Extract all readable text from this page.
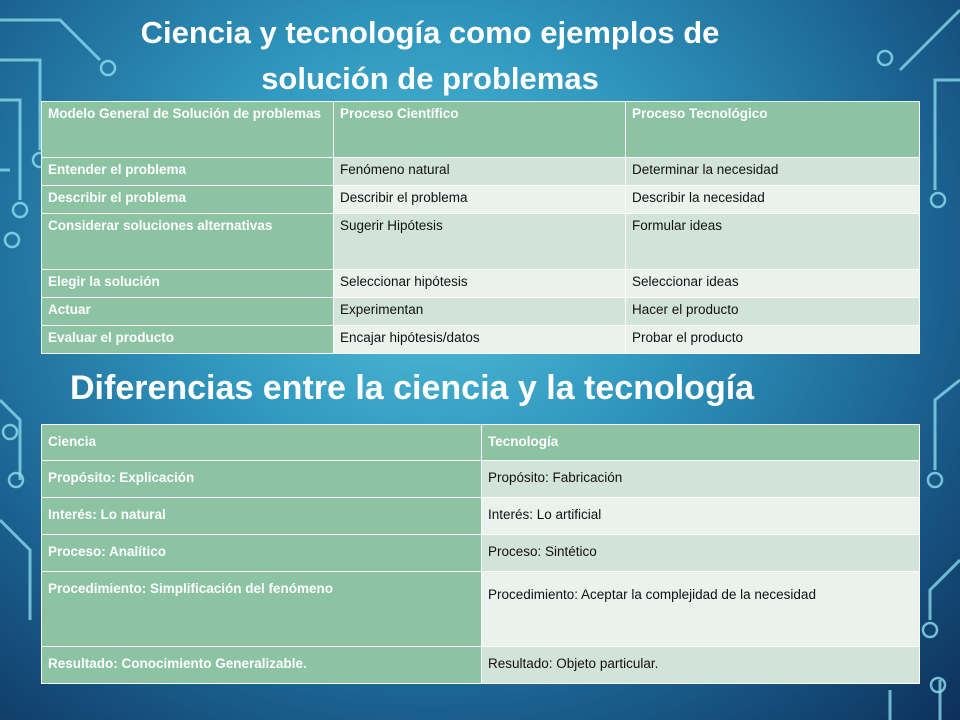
Ciencia y tecnología como ejemplos de solución de problemas
Modelo General de Solución de problemas	Proceso Científico	Proceso Tecnológico
Entender el problema	Fenómeno natural	Determinar la necesidad
Describir el problema	Describir el problema	Describir la necesidad
Considerar soluciones alternativas	Sugerir Hipótesis	Formular ideas
Elegir la solución	Seleccionar hipótesis	Seleccionar ideas
Actuar	Experimentan	Hacer el producto
Evaluar el producto	Encajar hipótesis/datos	Probar el producto
Diferencias entre la ciencia y la tecnología
Ciencia	Tecnología
Propósito: Explicación	Propósito: Fabricación
Interés: Lo natural	Interés: Lo artificial
Proceso: Analítico	Proceso: Sintético
Procedimiento: Simplificación del fenómeno	Procedimiento: Aceptar la complejidad de la necesidad
Resultado: Conocimiento Generalizable.	Resultado: Objeto particular.
